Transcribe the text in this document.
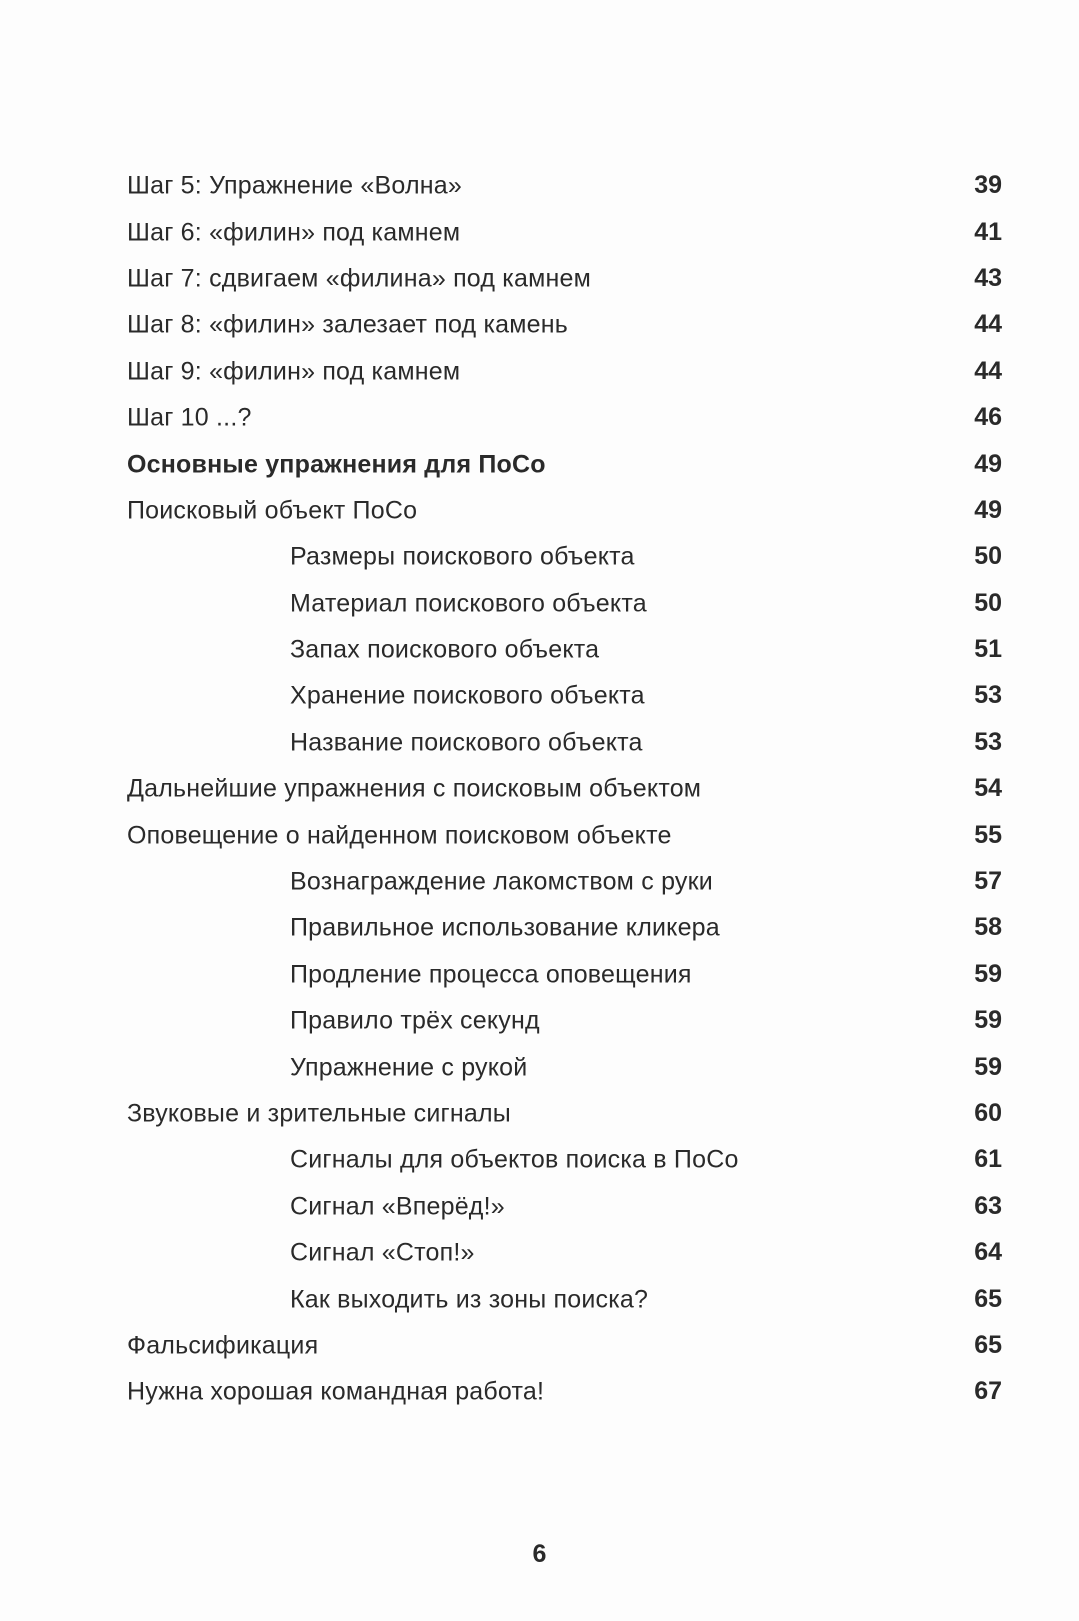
Шаг 5: Упражнение «Волна»	39
Шаг 6: «филин» под камнем	41
Шаг 7: сдвигаем «филина» под камнем	43
Шаг 8: «филин» залезает под камень	44
Шаг 9: «филин» под камнем	44
Шаг 10 ...?	46
Основные упражнения для ПоСо	49
Поисковый объект ПоСо	49
Размеры поискового объекта	50
Материал поискового объекта	50
Запах поискового объекта	51
Хранение поискового объекта	53
Название поискового объекта	53
Дальнейшие упражнения с поисковым объектом	54
Оповещение о найденном поисковом объекте	55
Вознаграждение лакомством с руки	57
Правильное использование кликера	58
Продление процесса оповещения	59
Правило трёх секунд	59
Упражнение с рукой	59
Звуковые и зрительные сигналы	60
Сигналы для объектов поиска в ПоСо	61
Сигнал «Вперёд!»	63
Сигнал «Стоп!»	64
Как выходить из зоны поиска?	65
Фальсификация	65
Нужна хорошая командная работа!	67
6
